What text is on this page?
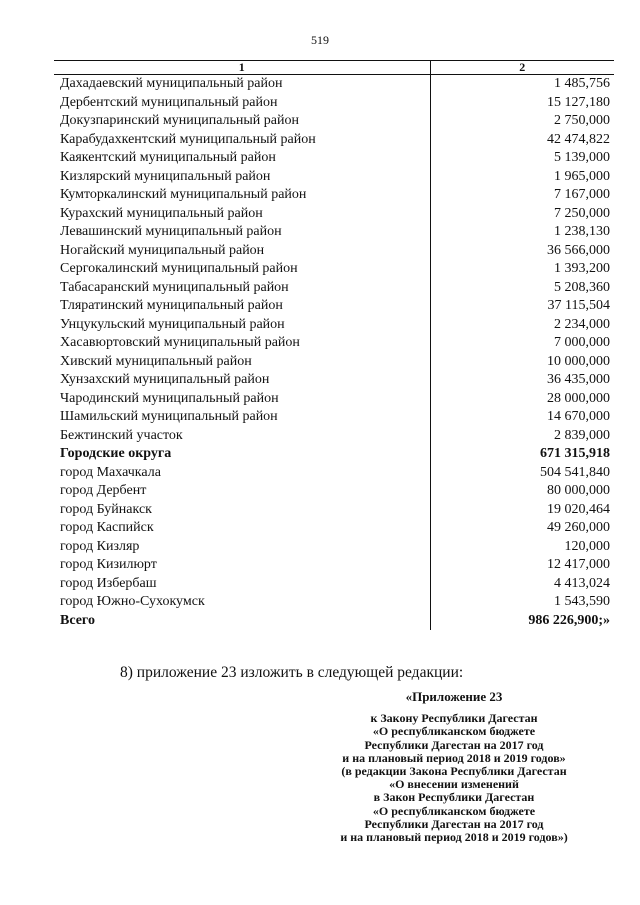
519
1	2
Дахадаевский муниципальный район	1 485,756
Дербентский муниципальный район	15 127,180
Докузпаринский муниципальный район	2 750,000
Карабудахкентский муниципальный район	42 474,822
Каякентский муниципальный район	5 139,000
Кизлярский муниципальный район	1 965,000
Кумторкалинский муниципальный район	7 167,000
Курахский муниципальный район	7 250,000
Левашинский муниципальный район	1 238,130
Ногайский муниципальный район	36 566,000
Сергокалинский муниципальный район	1 393,200
Табасаранский муниципальный район	5 208,360
Тляратинский муниципальный район	37 115,504
Унцукульский муниципальный район	2 234,000
Хасавюртовский муниципальный район	7 000,000
Хивский муниципальный район	10 000,000
Хунзахский муниципальный район	36 435,000
Чародинский муниципальный район	28 000,000
Шамильский муниципальный район	14 670,000
Бежтинский участок	2 839,000
Городские округа	671 315,918
город Махачкала	504 541,840
город Дербент	80 000,000
город Буйнакск	19 020,464
город Каспийск	49 260,000
город Кизляр	120,000
город Кизилюрт	12 417,000
город Избербаш	4 413,024
город Южно-Сухокумск	1 543,590
Всего	986 226,900;»
8) приложение 23 изложить в следующей редакции:
«Приложение 23
к Закону Республики Дагестан
«О республиканском бюджете
Республики Дагестан на 2017 год
и на плановый период 2018 и 2019 годов»
(в редакции Закона Республики Дагестан
«О внесении изменений
в Закон Республики Дагестан
«О республиканском бюджете
Республики Дагестан на 2017 год
и на плановый период 2018 и 2019 годов»)
